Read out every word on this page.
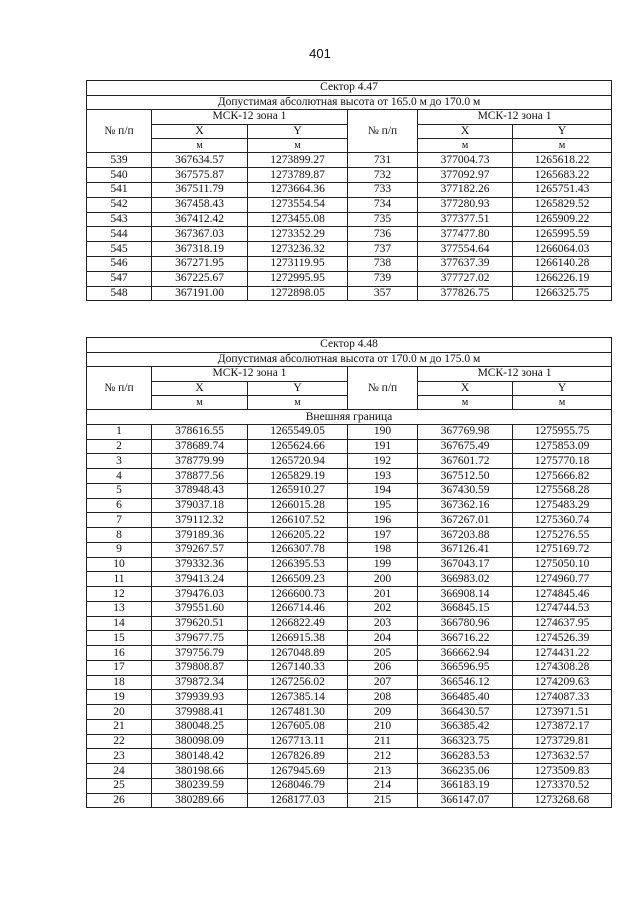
401
Сектор 4.47					
Допустимая абсолютная высота от 165.0 м до 170.0 м					
№ п/п	МСК-12 зона 1		№ п/п	МСК-12 зона 1	
	X	Y		X	Y
	м	м		м	м
539	367634.57	1273899.27	731	377004.73	1265618.22
540	367575.87	1273789.87	732	377092.97	1265683.22
541	367511.79	1273664.36	733	377182.26	1265751.43
542	367458.43	1273554.54	734	377280.93	1265829.52
543	367412.42	1273455.08	735	377377.51	1265909.22
544	367367.03	1273352.29	736	377477.80	1265995.59
545	367318.19	1273236.32	737	377554.64	1266064.03
546	367271.95	1273119.95	738	377637.39	1266140.28
547	367225.67	1272995.95	739	377727.02	1266226.19
548	367191.00	1272898.05	357	377826.75	1266325.75
Сектор 4.48					
Допустимая абсолютная высота от 170.0 м до 175.0 м					
№ п/п	МСК-12 зона 1		№ п/п	МСК-12 зона 1	
	X	Y		X	Y
	м	м		м	м
Внешняя граница					
1	378616.55	1265549.05	190	367769.98	1275955.75
2	378689.74	1265624.66	191	367675.49	1275853.09
3	378779.99	1265720.94	192	367601.72	1275770.18
4	378877.56	1265829.19	193	367512.50	1275666.82
5	378948.43	1265910.27	194	367430.59	1275568.28
6	379037.18	1266015.28	195	367362.16	1275483.29
7	379112.32	1266107.52	196	367267.01	1275360.74
8	379189.36	1266205.22	197	367203.88	1275276.55
9	379267.57	1266307.78	198	367126.41	1275169.72
10	379332.36	1266395.53	199	367043.17	1275050.10
11	379413.24	1266509.23	200	366983.02	1274960.77
12	379476.03	1266600.73	201	366908.14	1274845.46
13	379551.60	1266714.46	202	366845.15	1274744.53
14	379620.51	1266822.49	203	366780.96	1274637.95
15	379677.75	1266915.38	204	366716.22	1274526.39
16	379756.79	1267048.89	205	366662.94	1274431.22
17	379808.87	1267140.33	206	366596.95	1274308.28
18	379872.34	1267256.02	207	366546.12	1274209.63
19	379939.93	1267385.14	208	366485.40	1274087.33
20	379988.41	1267481.30	209	366430.57	1273971.51
21	380048.25	1267605.08	210	366385.42	1273872.17
22	380098.09	1267713.11	211	366323.75	1273729.81
23	380148.42	1267826.89	212	366283.53	1273632.57
24	380198.66	1267945.69	213	366235.06	1273509.83
25	380239.59	1268046.79	214	366183.19	1273370.52
26	380289.66	1268177.03	215	366147.07	1273268.68
